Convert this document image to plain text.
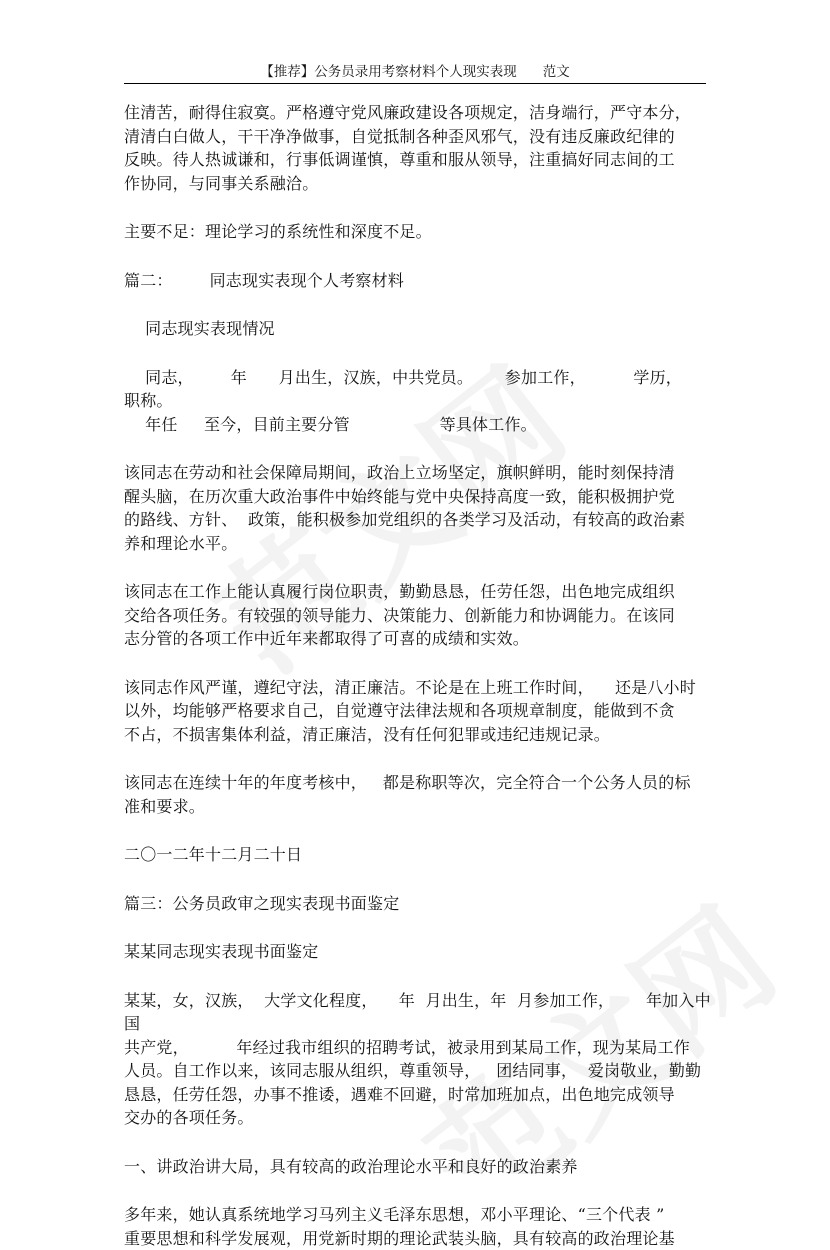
【推荐】公务员录用考察材料个人现实表现 范文

住清苦，耐得住寂寞。严格遵守党风廉政建设各项规定，洁身端行，严守本分，
清清白白做人，干干净净做事，自觉抵制各种歪风邪气，没有违反廉政纪律的
反映。待人热诚谦和，行事低调谨慎，尊重和服从领导，注重搞好同志间的工
作协同，与同事关系融洽。

主要不足：理论学习的系统性和深度不足。

篇二：       同志现实表现个人考察材料

同志现实表现情况

同志，       年      月出生，汉族，中共党员。      参加工作，         学历，        职称。
年任     至今，目前主要分管                 等具体工作。

该同志在劳动和社会保障局期间，政治上立场坚定，旗帜鲜明，能时刻保持清
醒头脑，在历次重大政治事件中始终能与党中央保持高度一致，能积极拥护党
的路线、方针、  政策，能积极参加党组织的各类学习及活动，有较高的政治素
养和理论水平。

该同志在工作上能认真履行岗位职责，勤勤恳恳，任劳任怨，出色地完成组织
交给各项任务。有较强的领导能力、决策能力、创新能力和协调能力。在该同
志分管的各项工作中近年来都取得了可喜的成绩和实效。

该同志作风严谨，遵纪守法，清正廉洁。不论是在上班工作时间，    还是八小时
以外，均能够严格要求自己，自觉遵守法律法规和各项规章制度，能做到不贪
不占，不损害集体利益，清正廉洁，没有任何犯罪或违纪违规记录。

该同志在连续十年的年度考核中，   都是称职等次，完全符合一个公务人员的标
准和要求。

二〇一二年十二月二十日

篇三：公务员政审之现实表现书面鉴定

某某同志现实表现书面鉴定

某某，女，汉族，  大学文化程度，    年  月出生，年  月参加工作，      年加入中国
共产党，         年经过我市组织的招聘考试，被录用到某局工作，现为某局工作
人员。自工作以来，该同志服从组织，尊重领导，   团结同事，  爱岗敬业，勤勤
恳恳，任劳任怨，办事不推诿，遇难不回避，时常加班加点，出色地完成领导
交办的各项任务。

一、讲政治讲大局，具有较高的政治理论水平和良好的政治素养

多年来，她认真系统地学习马列主义毛泽东思想，邓小平理论、“三个代表 ”
重要思想和科学发展观，用党新时期的理论武装头脑，具有较高的政治理论基
